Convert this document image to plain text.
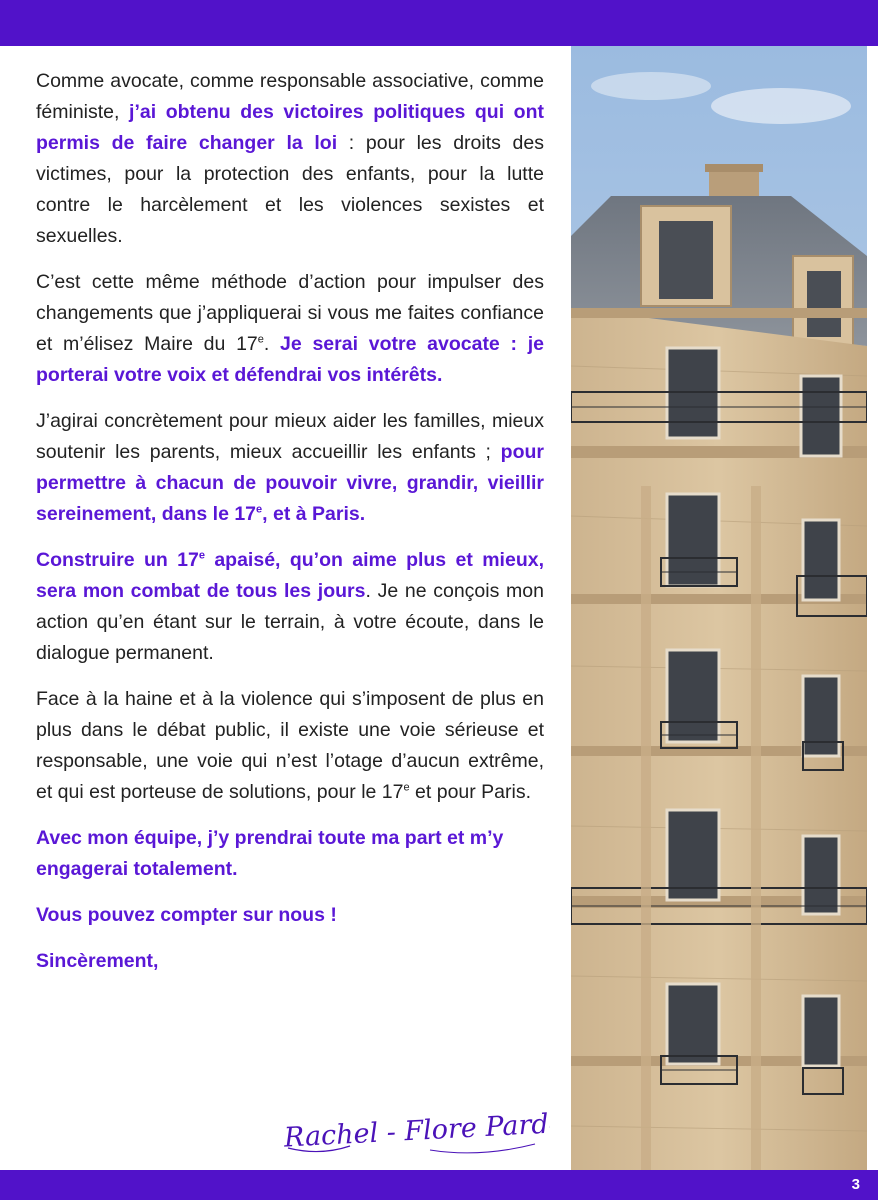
Comme avocate, comme responsable associative, comme féministe, j’ai obtenu des victoires politiques qui ont permis de faire changer la loi : pour les droits des victimes, pour la protection des enfants, pour la lutte contre le harcèlement et les violences sexistes et sexuelles.

C’est cette même méthode d’action pour impulser des changements que j’appliquerai si vous me faites confiance et m’élisez Maire du 17e. Je serai votre avocate : je porterai votre voix et défendrai vos intérêts.

J’agirai concrètement pour mieux aider les familles, mieux soutenir les parents, mieux accueillir les enfants ; pour permettre à chacun de pouvoir vivre, grandir, vieillir sereinement, dans le 17e, et à Paris.

Construire un 17e apaisé, qu’on aime plus et mieux, sera mon combat de tous les jours. Je ne conçois mon action qu’en étant sur le terrain, à votre écoute, dans le dialogue permanent.

Face à la haine et à la violence qui s’imposent de plus en plus dans le débat public, il existe une voie sérieuse et responsable, une voie qui n’est l’otage d’aucun extrême, et qui est porteuse de solutions, pour le 17e et pour Paris.

Avec mon équipe, j’y prendrai toute ma part et m’y engagerai totalement.

Vous pouvez compter sur nous !

Sincèrement,

Rachel - Flore Pardo
3
